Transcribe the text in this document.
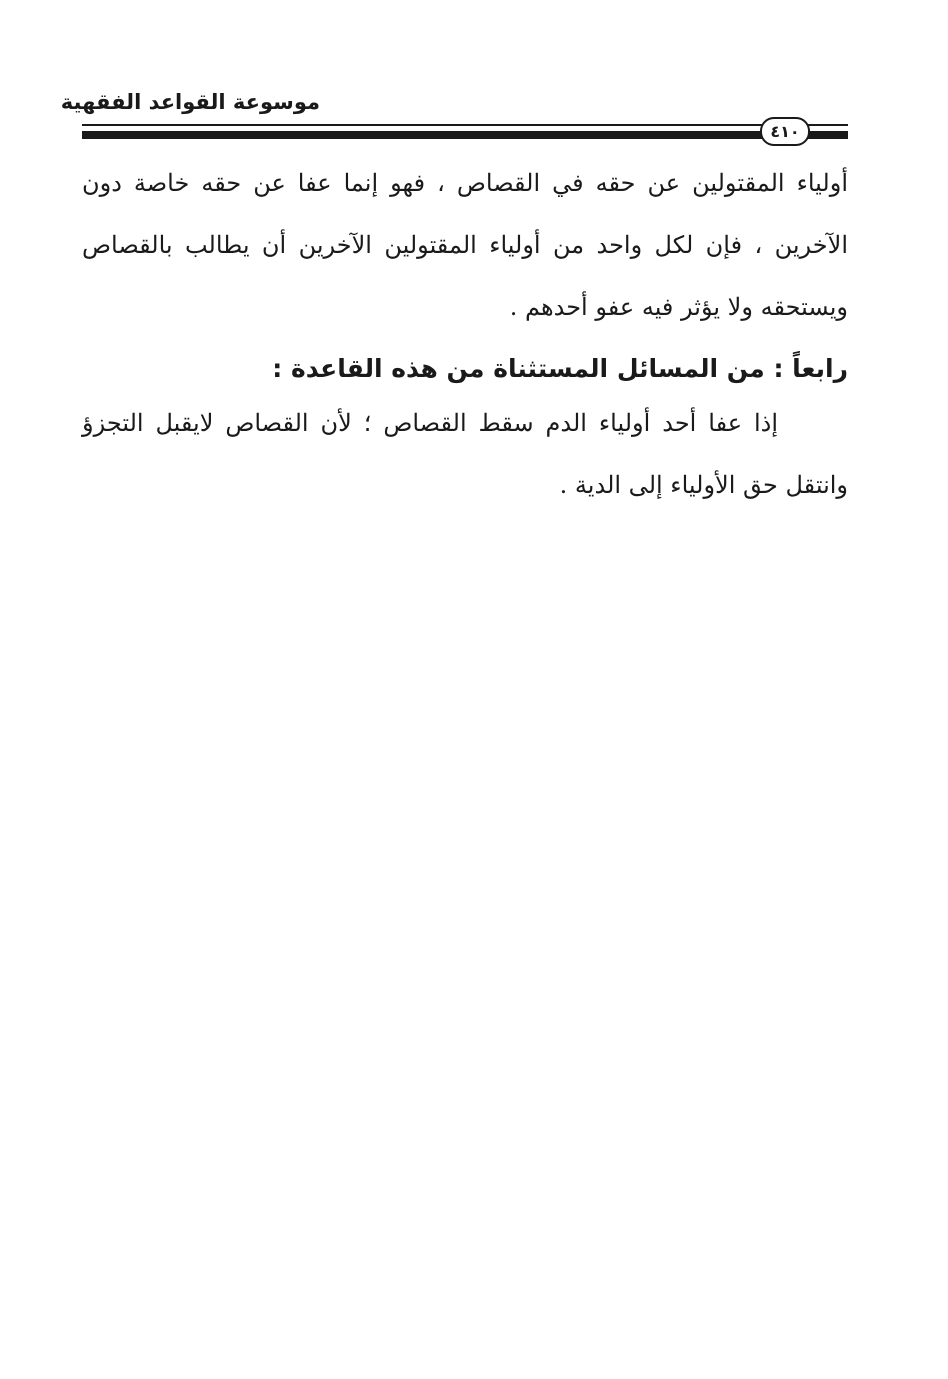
موسوعة القواعد الفقهية
٤١٠
أولياء المقتولين عن حقه في القصاص ، فهو إنما عفا عن حقه خاصة دون الآخرين ، فإن لكل واحد من أولياء المقتولين الآخرين أن يطالب بالقصاص ويستحقه ولا يؤثر فيه عفو أحدهم .
رابعاً : من المسائل المستثناة من هذه القاعدة :
إذا عفا أحد أولياء الدم سقط القصاص ؛ لأن القصاص لايقبل التجزؤ وانتقل حق الأولياء إلى الدية .
